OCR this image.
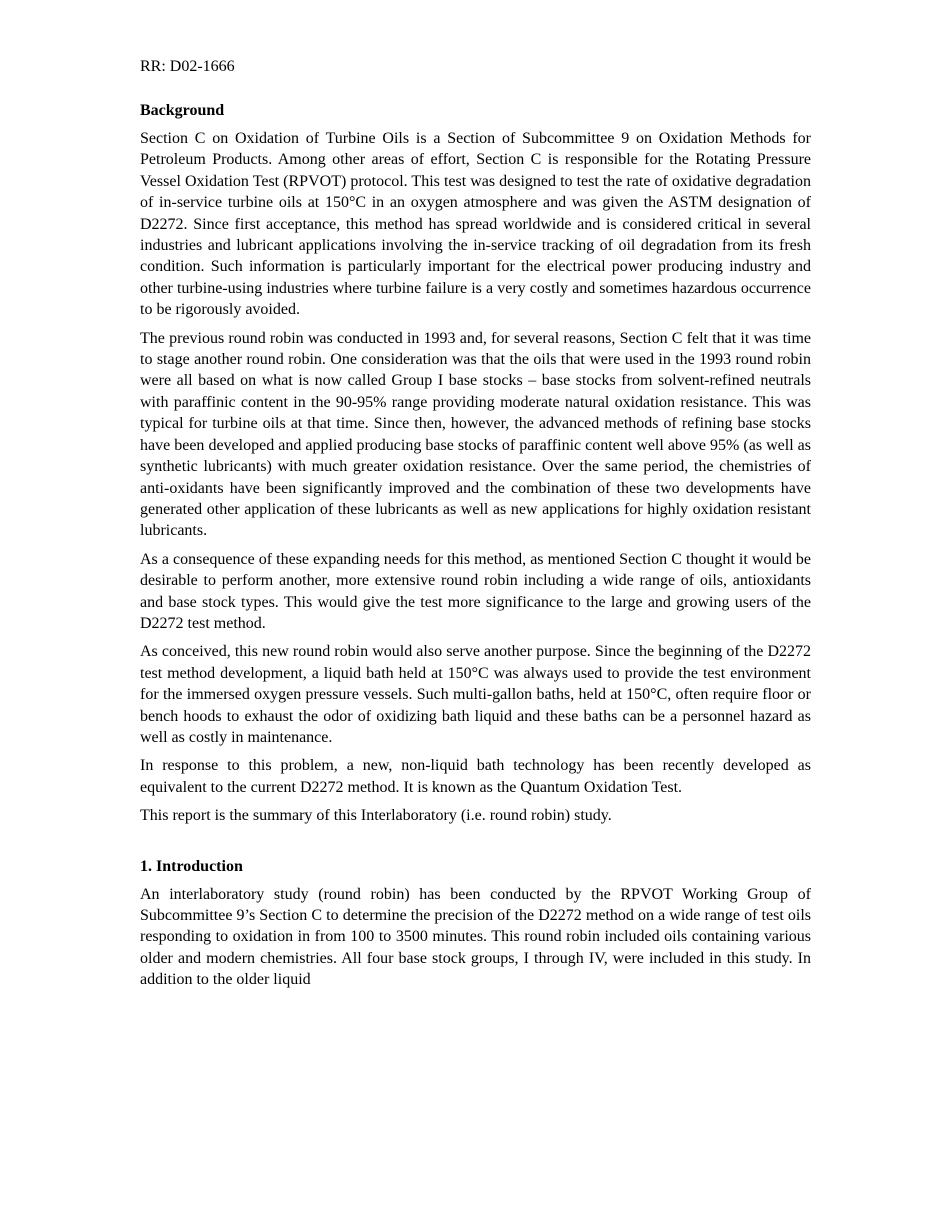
RR: D02-1666
Background

Section C on Oxidation of Turbine Oils is a Section of Subcommittee 9 on Oxidation Methods for Petroleum Products. Among other areas of effort, Section C is responsible for the Rotating Pressure Vessel Oxidation Test (RPVOT) protocol. This test was designed to test the rate of oxidative degradation of in-service turbine oils at 150°C in an oxygen atmosphere and was given the ASTM designation of D2272. Since first acceptance, this method has spread worldwide and is considered critical in several industries and lubricant applications involving the in-service tracking of oil degradation from its fresh condition. Such information is particularly important for the electrical power producing industry and other turbine-using industries where turbine failure is a very costly and sometimes hazardous occurrence to be rigorously avoided.

The previous round robin was conducted in 1993 and, for several reasons, Section C felt that it was time to stage another round robin. One consideration was that the oils that were used in the 1993 round robin were all based on what is now called Group I base stocks – base stocks from solvent-refined neutrals with paraffinic content in the 90-95% range providing moderate natural oxidation resistance. This was typical for turbine oils at that time. Since then, however, the advanced methods of refining base stocks have been developed and applied producing base stocks of paraffinic content well above 95% (as well as synthetic lubricants) with much greater oxidation resistance. Over the same period, the chemistries of anti-oxidants have been significantly improved and the combination of these two developments have generated other application of these lubricants as well as new applications for highly oxidation resistant lubricants.

As a consequence of these expanding needs for this method, as mentioned Section C thought it would be desirable to perform another, more extensive round robin including a wide range of oils, antioxidants and base stock types. This would give the test more significance to the large and growing users of the D2272 test method.

As conceived, this new round robin would also serve another purpose. Since the beginning of the D2272 test method development, a liquid bath held at 150°C was always used to provide the test environment for the immersed oxygen pressure vessels. Such multi-gallon baths, held at 150°C, often require floor or bench hoods to exhaust the odor of oxidizing bath liquid and these baths can be a personnel hazard as well as costly in maintenance.

In response to this problem, a new, non-liquid bath technology has been recently developed as equivalent to the current D2272 method. It is known as the Quantum Oxidation Test.

This report is the summary of this Interlaboratory (i.e. round robin) study.

1. Introduction

An interlaboratory study (round robin) has been conducted by the RPVOT Working Group of Subcommittee 9’s Section C to determine the precision of the D2272 method on a wide range of test oils responding to oxidation in from 100 to 3500 minutes. This round robin included oils containing various older and modern chemistries. All four base stock groups, I through IV, were included in this study. In addition to the older liquid
